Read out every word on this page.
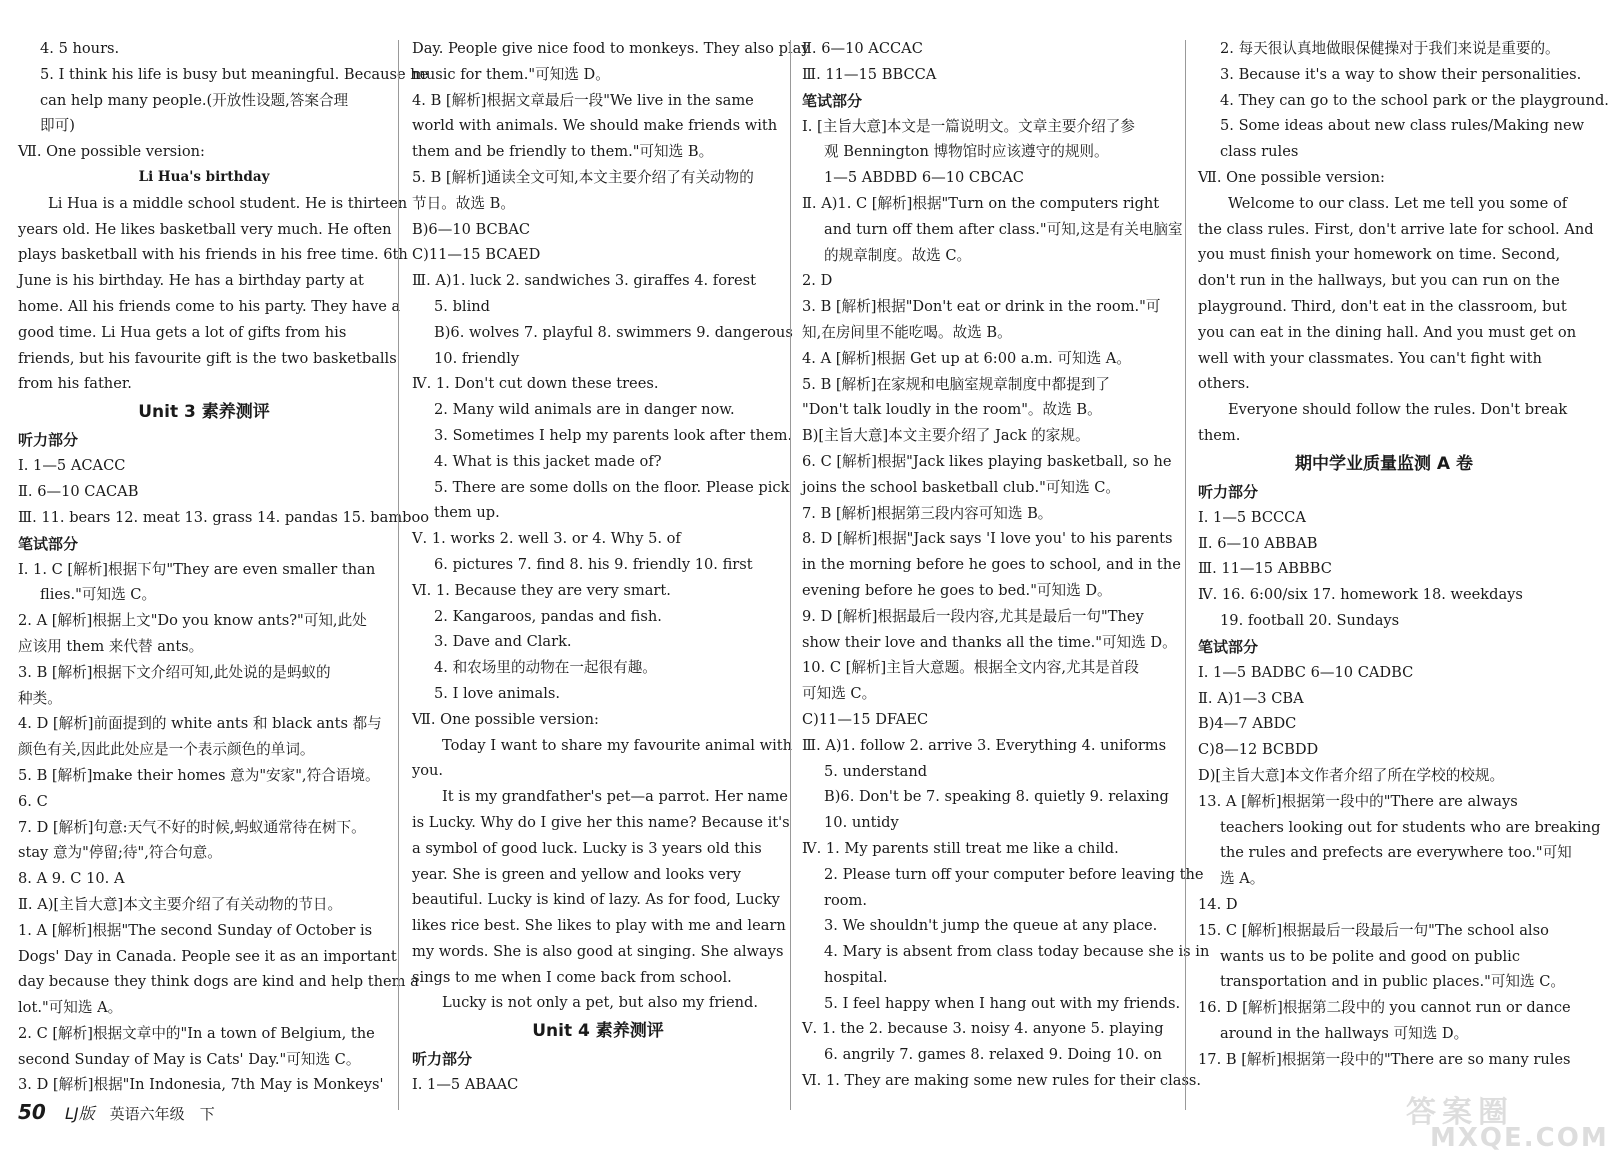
4. 5 hours.
5. I think his life is busy but meaningful. Because he
can help many people.(开放性设题,答案合理
即可)
Ⅶ. One possible version:
Li Hua's birthday
Li Hua is a middle school student. He is thirteen
years old. He likes basketball very much. He often
plays basketball with his friends in his free time. 6th
June is his birthday. He has a birthday party at
home. All his friends come to his party. They have a
good time. Li Hua gets a lot of gifts from his
friends, but his favourite gift is the two basketballs
from his father.
Unit 3 素养测评
听力部分
Ⅰ. 1—5 ACACC
Ⅱ. 6—10 CACAB
Ⅲ. 11. bears 12. meat 13. grass 14. pandas 15. bamboo
笔试部分
Ⅰ. 1. C [解析]根据下句"They are even smaller than
flies."可知选 C。
2. A [解析]根据上文"Do you know ants?"可知,此处
应该用 them 来代替 ants。
3. B [解析]根据下文介绍可知,此处说的是蚂蚁的
种类。
4. D [解析]前面提到的 white ants 和 black ants 都与
颜色有关,因此此处应是一个表示颜色的单词。
5. B [解析]make their homes 意为"安家",符合语境。
6. C
7. D [解析]句意:天气不好的时候,蚂蚁通常待在树下。
stay 意为"停留;待",符合句意。
8. A 9. C 10. A
Ⅱ. A)[主旨大意]本文主要介绍了有关动物的节日。
1. A [解析]根据"The second Sunday of October is
Dogs' Day in Canada. People see it as an important
day because they think dogs are kind and help them a
lot."可知选 A。
2. C [解析]根据文章中的"In a town of Belgium, the
second Sunday of May is Cats' Day."可知选 C。
3. D [解析]根据"In Indonesia, 7th May is Monkeys'
Day. People give nice food to monkeys. They also play
music for them."可知选 D。
4. B [解析]根据文章最后一段"We live in the same
world with animals. We should make friends with
them and be friendly to them."可知选 B。
5. B [解析]通读全文可知,本文主要介绍了有关动物的
节日。故选 B。
B)6—10 BCBAC
C)11—15 BCAED
Ⅲ. A)1. luck 2. sandwiches 3. giraffes 4. forest
5. blind
B)6. wolves 7. playful 8. swimmers 9. dangerous
10. friendly
Ⅳ. 1. Don't cut down these trees.
2. Many wild animals are in danger now.
3. Sometimes I help my parents look after them.
4. What is this jacket made of?
5. There are some dolls on the floor. Please pick
them up.
Ⅴ. 1. works 2. well 3. or 4. Why 5. of
6. pictures 7. find 8. his 9. friendly 10. first
Ⅵ. 1. Because they are very smart.
2. Kangaroos, pandas and fish.
3. Dave and Clark.
4. 和农场里的动物在一起很有趣。
5. I love animals.
Ⅶ. One possible version:
Today I want to share my favourite animal with
you.
It is my grandfather's pet—a parrot. Her name
is Lucky. Why do I give her this name? Because it's
a symbol of good luck. Lucky is 3 years old this
year. She is green and yellow and looks very
beautiful. Lucky is kind of lazy. As for food, Lucky
likes rice best. She likes to play with me and learn
my words. She is also good at singing. She always
sings to me when I come back from school.
Lucky is not only a pet, but also my friend.
Unit 4 素养测评
听力部分
Ⅰ. 1—5 ABAAC
Ⅱ. 6—10 ACCAC
Ⅲ. 11—15 BBCCA
笔试部分
Ⅰ. [主旨大意]本文是一篇说明文。文章主要介绍了参
观 Bennington 博物馆时应该遵守的规则。
1—5 ABDBD 6—10 CBCAC
Ⅱ. A)1. C [解析]根据"Turn on the computers right
and turn off them after class."可知,这是有关电脑室
的规章制度。故选 C。
2. D
3. B [解析]根据"Don't eat or drink in the room."可
知,在房间里不能吃喝。故选 B。
4. A [解析]根据 Get up at 6:00 a.m. 可知选 A。
5. B [解析]在家规和电脑室规章制度中都提到了
"Don't talk loudly in the room"。故选 B。
B)[主旨大意]本文主要介绍了 Jack 的家规。
6. C [解析]根据"Jack likes playing basketball, so he
joins the school basketball club."可知选 C。
7. B [解析]根据第三段内容可知选 B。
8. D [解析]根据"Jack says 'I love you' to his parents
in the morning before he goes to school, and in the
evening before he goes to bed."可知选 D。
9. D [解析]根据最后一段内容,尤其是最后一句"They
show their love and thanks all the time."可知选 D。
10. C [解析]主旨大意题。根据全文内容,尤其是首段
可知选 C。
C)11—15 DFAEC
Ⅲ. A)1. follow 2. arrive 3. Everything 4. uniforms
5. understand
B)6. Don't be 7. speaking 8. quietly 9. relaxing
10. untidy
Ⅳ. 1. My parents still treat me like a child.
2. Please turn off your computer before leaving the
room.
3. We shouldn't jump the queue at any place.
4. Mary is absent from class today because she is in
hospital.
5. I feel happy when I hang out with my friends.
Ⅴ. 1. the 2. because 3. noisy 4. anyone 5. playing
6. angrily 7. games 8. relaxed 9. Doing 10. on
Ⅵ. 1. They are making some new rules for their class.
2. 每天很认真地做眼保健操对于我们来说是重要的。
3. Because it's a way to show their personalities.
4. They can go to the school park or the playground.
5. Some ideas about new class rules/Making new
class rules
Ⅶ. One possible version:
Welcome to our class. Let me tell you some of
the class rules. First, don't arrive late for school. And
you must finish your homework on time. Second,
don't run in the hallways, but you can run on the
playground. Third, don't eat in the classroom, but
you can eat in the dining hall. And you must get on
well with your classmates. You can't fight with
others.
Everyone should follow the rules. Don't break
them.
期中学业质量监测 A 卷
听力部分
Ⅰ. 1—5 BCCCA
Ⅱ. 6—10 ABBAB
Ⅲ. 11—15 ABBBC
Ⅳ. 16. 6:00/six 17. homework 18. weekdays
19. football 20. Sundays
笔试部分
Ⅰ. 1—5 BADBC 6—10 CADBC
Ⅱ. A)1—3 CBA
B)4—7 ABDC
C)8—12 BCBDD
D)[主旨大意]本文作者介绍了所在学校的校规。
13. A [解析]根据第一段中的"There are always
teachers looking out for students who are breaking
the rules and prefects are everywhere too."可知
选 A。
14. D
15. C [解析]根据最后一段最后一句"The school also
wants us to be polite and good on public
transportation and in public places."可知选 C。
16. D [解析]根据第二段中的 you cannot run or dance
around in the hallways 可知选 D。
17. B [解析]根据第一段中的"There are so many rules
50 LJ版 英语六年级 下	答案圈
MXQE.COM
